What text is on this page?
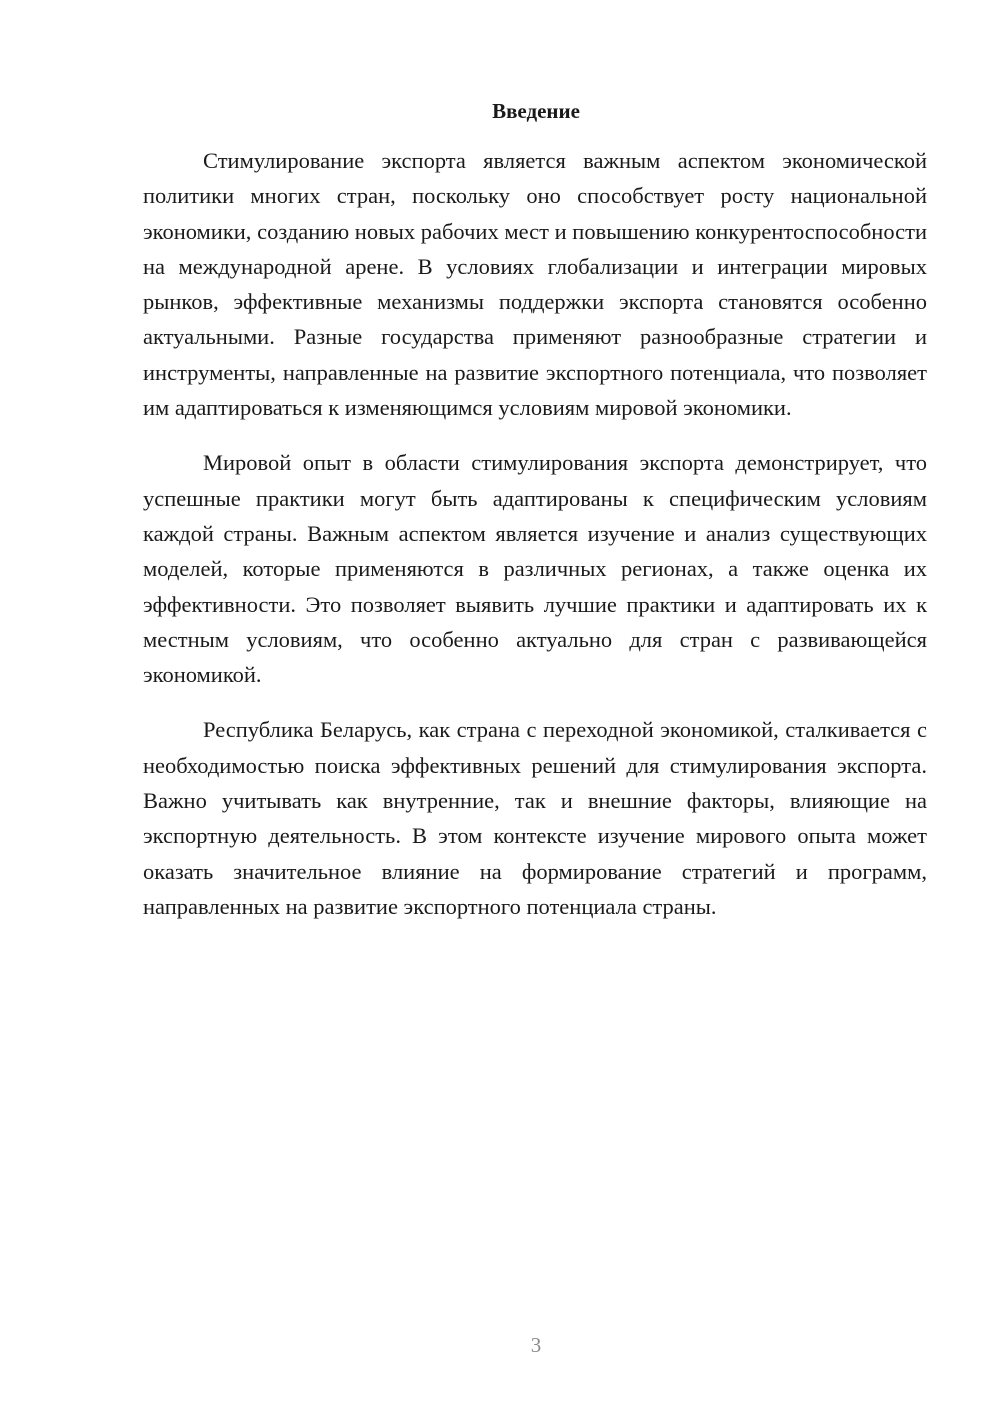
Введение

Стимулирование экспорта является важным аспектом экономической политики многих стран, поскольку оно способствует росту национальной экономики, созданию новых рабочих мест и повышению конкурентоспособности на международной арене. В условиях глобализации и интеграции мировых рынков, эффективные механизмы поддержки экспорта становятся особенно актуальными. Разные государства применяют разнообразные стратегии и инструменты, направленные на развитие экспортного потенциала, что позволяет им адаптироваться к изменяющимся условиям мировой экономики.

Мировой опыт в области стимулирования экспорта демонстрирует, что успешные практики могут быть адаптированы к специфическим условиям каждой страны. Важным аспектом является изучение и анализ существующих моделей, которые применяются в различных регионах, а также оценка их эффективности. Это позволяет выявить лучшие практики и адаптировать их к местным условиям, что особенно актуально для стран с развивающейся экономикой.

Республика Беларусь, как страна с переходной экономикой, сталкивается с необходимостью поиска эффективных решений для стимулирования экспорта. Важно учитывать как внутренние, так и внешние факторы, влияющие на экспортную деятельность. В этом контексте изучение мирового опыта может оказать значительное влияние на формирование стратегий и программ, направленных на развитие экспортного потенциала страны.

3
